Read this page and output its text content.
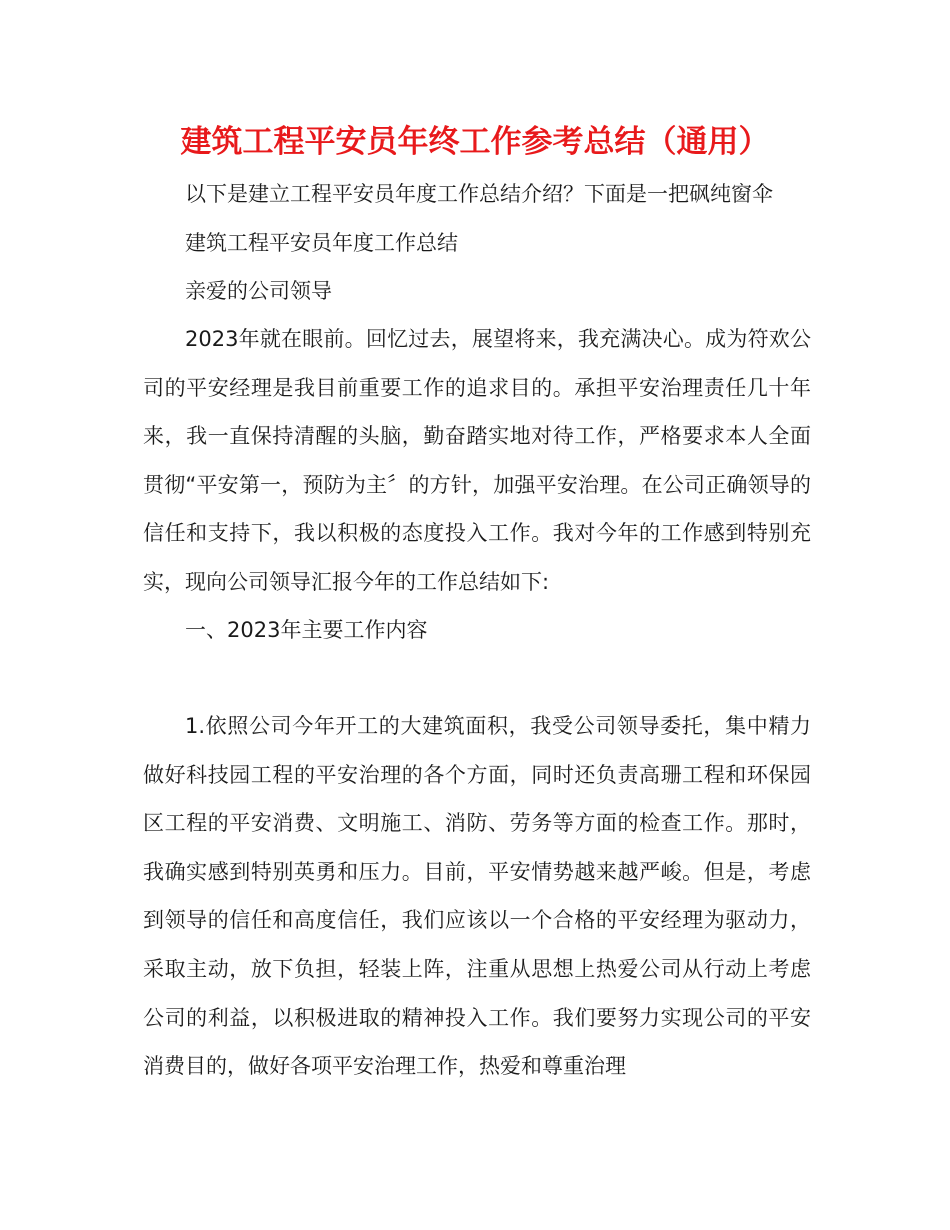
建筑工程平安员年终工作参考总结（通用）

以下是建立工程平安员年度工作总结介绍？下面是一把砜纯窗伞

建筑工程平安员年度工作总结

亲爱的公司领导

2023年就在眼前。回忆过去，展望将来，我充满决心。成为符欢公司的平安经理是我目前重要工作的追求目的。承担平安治理责任几十年来，我一直保持清醒的头脑，勤奋踏实地对待工作，严格要求本人全面贯彻“平安第一，预防为主〞的方针，加强平安治理。在公司正确领导的信任和支持下，我以积极的态度投入工作。我对今年的工作感到特别充实，现向公司领导汇报今年的工作总结如下:

一、2023年主要工作内容

1.依照公司今年开工的大建筑面积，我受公司领导委托，集中精力做好科技园工程的平安治理的各个方面，同时还负责高珊工程和环保园区工程的平安消费、文明施工、消防、劳务等方面的检查工作。那时，我确实感到特别英勇和压力。目前，平安情势越来越严峻。但是，考虑到领导的信任和高度信任，我们应该以一个合格的平安经理为驱动力，采取主动，放下负担，轻装上阵，注重从思想上热爱公司从行动上考虑公司的利益，以积极进取的精神投入工作。我们要努力实现公司的平安消费目的，做好各项平安治理工作，热爱和尊重治理
